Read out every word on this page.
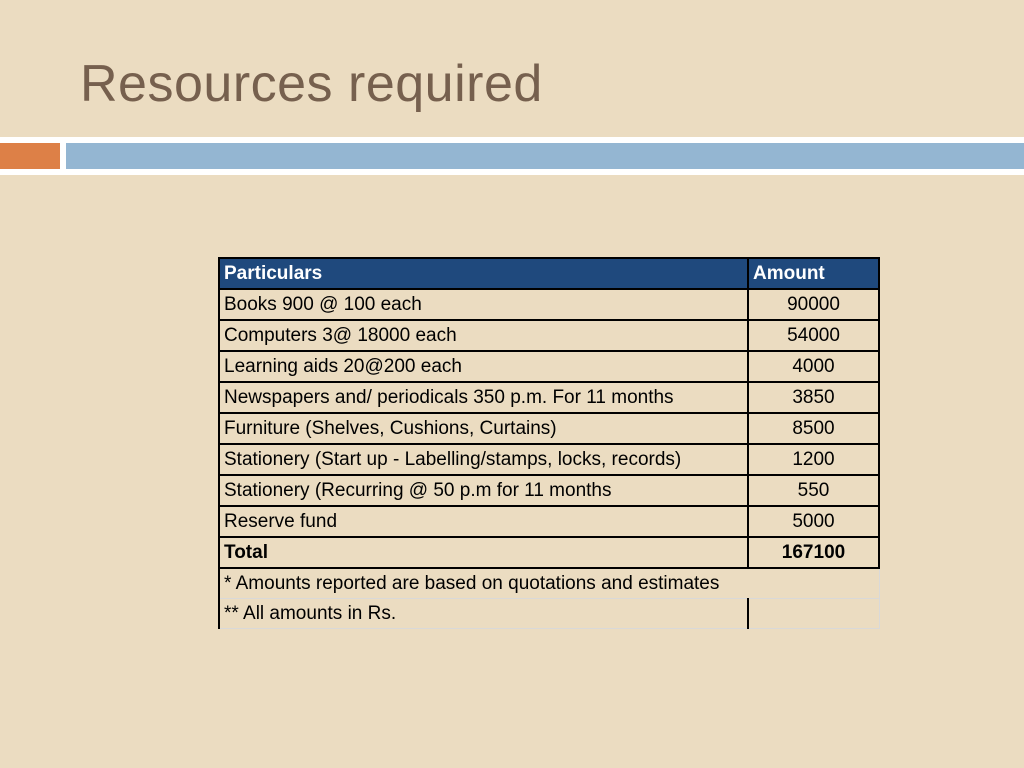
Resources required
Particulars	Amount
Books 900 @ 100 each	90000
Computers 3@ 18000 each	54000
Learning aids 20@200 each	4000
Newspapers and/ periodicals 350 p.m. For 11 months	3850
Furniture (Shelves, Cushions, Curtains)	8500
Stationery (Start up - Labelling/stamps, locks, records)	1200
Stationery (Recurring @ 50 p.m for 11 months	550
Reserve fund	5000
Total	167100
* Amounts reported are based on quotations and estimates	
** All amounts in Rs.	
